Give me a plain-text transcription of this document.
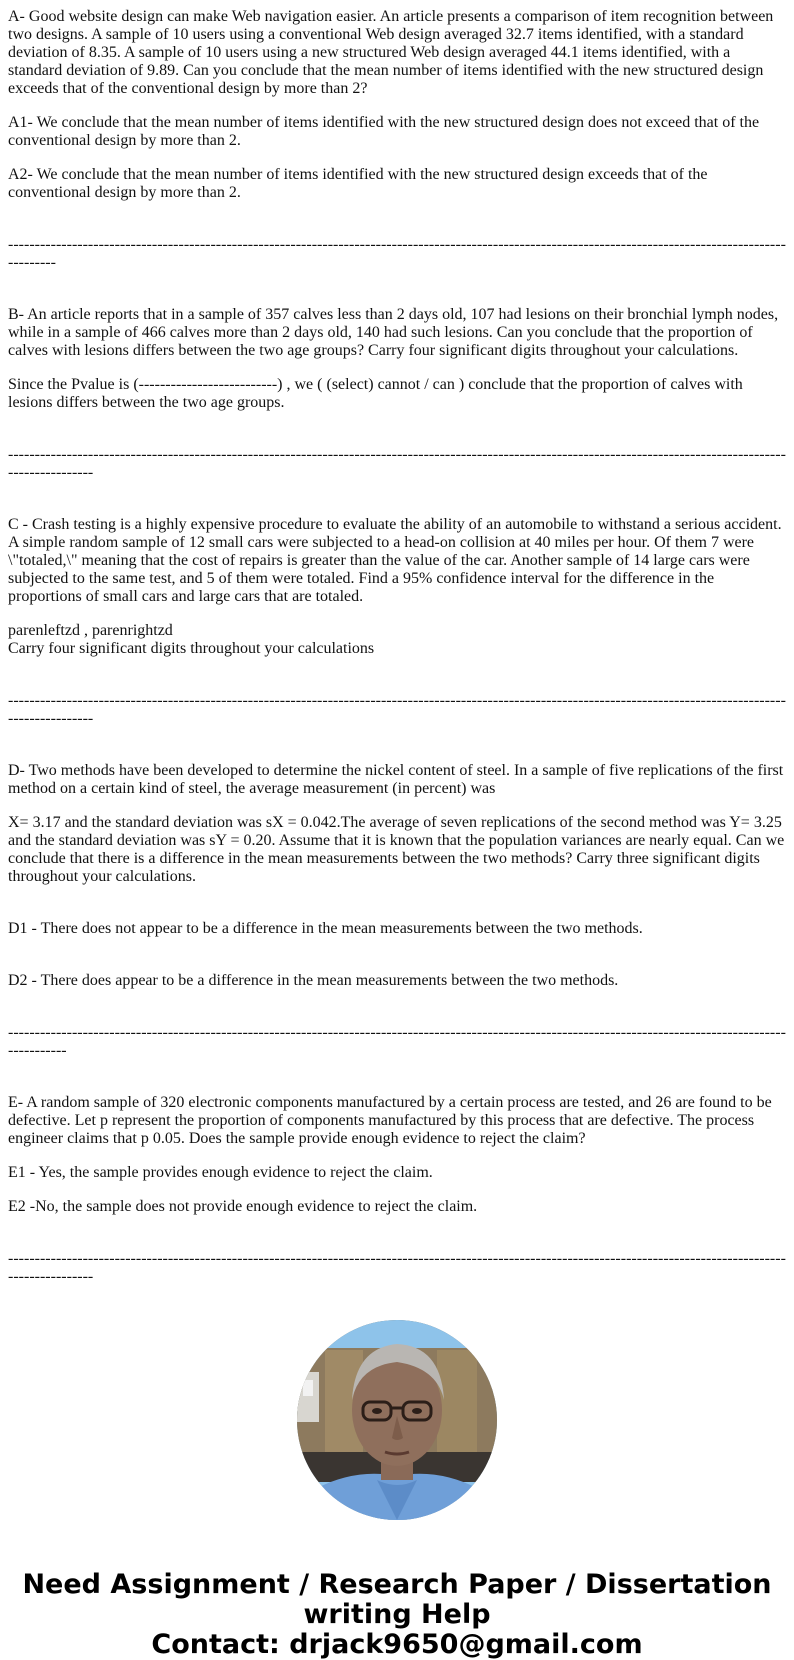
A- Good website design can make Web navigation easier. An article presents a comparison of item recognition between two designs. A sample of 10 users using a conventional Web design averaged 32.7 items identified, with a standard deviation of 8.35. A sample of 10 users using a new structured Web design averaged 44.1 items identified, with a standard deviation of 9.89. Can you conclude that the mean number of items identified with the new structured design exceeds that of the conventional design by more than 2?

A1- We conclude that the mean number of items identified with the new structured design does not exceed that of the conventional design by more than 2.

A2- We conclude that the mean number of items identified with the new structured design exceeds that of the conventional design by more than 2.

-----------------------------------------------------------------------------------------------------------------------------------------------------------

B- An article reports that in a sample of 357 calves less than 2 days old, 107 had lesions on their bronchial lymph nodes, while in a sample of 466 calves more than 2 days old, 140 had such lesions. Can you conclude that the proportion of calves with lesions differs between the two age groups? Carry four significant digits throughout your calculations.

Since the Pvalue is (--------------------------) , we ( (select) cannot / can ) conclude that the proportion of calves with lesions differs between the two age groups.

------------------------------------------------------------------------------------------------------------------------------------------------------------------

C - Crash testing is a highly expensive procedure to evaluate the ability of an automobile to withstand a serious accident. A simple random sample of 12 small cars were subjected to a head-on collision at 40 miles per hour. Of them 7 were \"totaled,\" meaning that the cost of repairs is greater than the value of the car. Another sample of 14 large cars were subjected to the same test, and 5 of them were totaled. Find a 95% confidence interval for the difference in the proportions of small cars and large cars that are totaled.

parenleftzd , parenrightzd
Carry four significant digits throughout your calculations

------------------------------------------------------------------------------------------------------------------------------------------------------------------

D- Two methods have been developed to determine the nickel content of steel. In a sample of five replications of the first method on a certain kind of steel, the average measurement (in percent) was

X= 3.17 and the standard deviation was sX = 0.042.The average of seven replications of the second method was Y= 3.25 and the standard deviation was sY = 0.20. Assume that it is known that the population variances are nearly equal. Can we conclude that there is a difference in the mean measurements between the two methods? Carry three significant digits throughout your calculations.

D1 - There does not appear to be a difference in the mean measurements between the two methods.

D2 - There does appear to be a difference in the mean measurements between the two methods.

-------------------------------------------------------------------------------------------------------------------------------------------------------------

E- A random sample of 320 electronic components manufactured by a certain process are tested, and 26 are found to be defective. Let p represent the proportion of components manufactured by this process that are defective. The process engineer claims that p 0.05. Does the sample provide enough evidence to reject the claim?

E1 - Yes, the sample provides enough evidence to reject the claim.

E2 -No, the sample does not provide enough evidence to reject the claim.

------------------------------------------------------------------------------------------------------------------------------------------------------------------
Need Assignment / Research Paper / Dissertation writing Help
Contact: drjack9650@gmail.com
